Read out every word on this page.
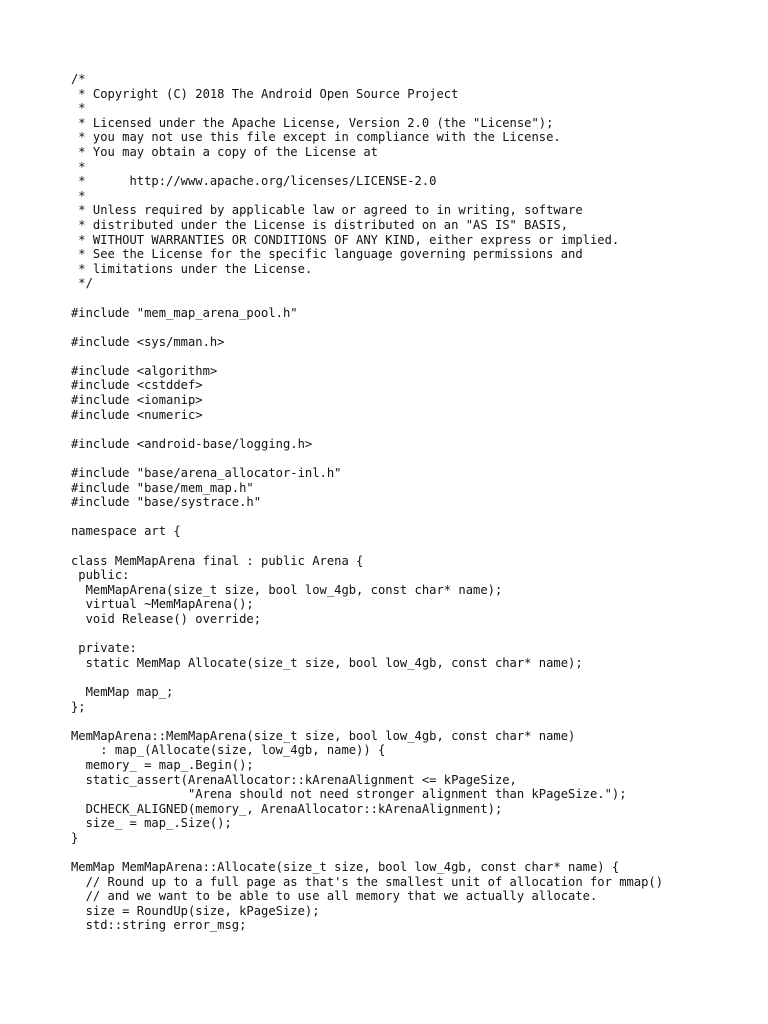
/*
* Copyright (C) 2018 The Android Open Source Project
*
* Licensed under the Apache License, Version 2.0 (the "License");
* you may not use this file except in compliance with the License.
* You may obtain a copy of the License at
*
*      http://www.apache.org/licenses/LICENSE-2.0
*
* Unless required by applicable law or agreed to in writing, software
* distributed under the License is distributed on an "AS IS" BASIS,
* WITHOUT WARRANTIES OR CONDITIONS OF ANY KIND, either express or implied.
* See the License for the specific language governing permissions and
* limitations under the License.
*/
#include "mem_map_arena_pool.h"
#include <sys/mman.h>
#include <algorithm>
#include <cstddef>
#include <iomanip>
#include <numeric>
#include <android-base/logging.h>
#include "base/arena_allocator-inl.h"
#include "base/mem_map.h"
#include "base/systrace.h"
namespace art {
class MemMapArena final : public Arena {
public:
MemMapArena(size_t size, bool low_4gb, const char* name);
virtual ~MemMapArena();
void Release() override;
private:
static MemMap Allocate(size_t size, bool low_4gb, const char* name);
MemMap map_;
};
MemMapArena::MemMapArena(size_t size, bool low_4gb, const char* name)
: map_(Allocate(size, low_4gb, name)) {
memory_ = map_.Begin();
static_assert(ArenaAllocator::kArenaAlignment <= kPageSize,
"Arena should not need stronger alignment than kPageSize.");
DCHECK_ALIGNED(memory_, ArenaAllocator::kArenaAlignment);
size_ = map_.Size();
}
MemMap MemMapArena::Allocate(size_t size, bool low_4gb, const char* name) {
// Round up to a full page as that's the smallest unit of allocation for mmap()
// and we want to be able to use all memory that we actually allocate.
size = RoundUp(size, kPageSize);
std::string error_msg;
